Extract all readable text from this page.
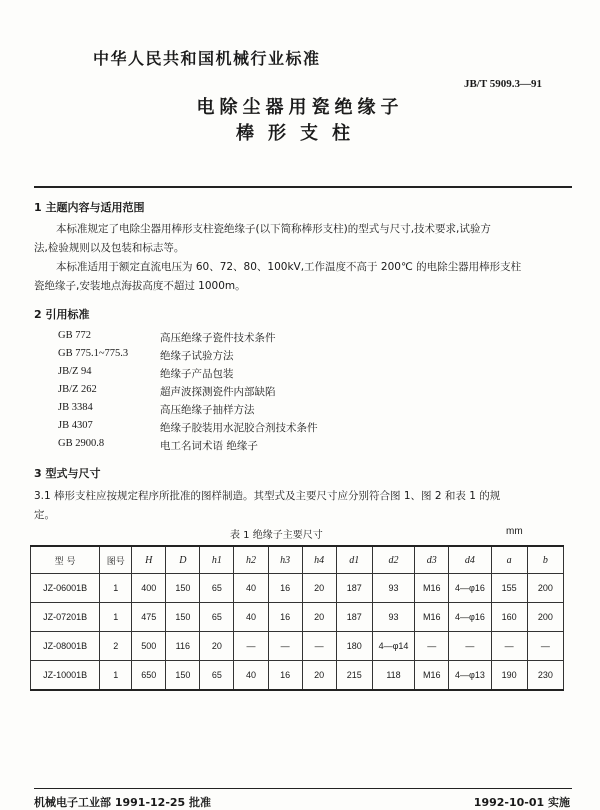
中华人民共和国机械行业标准
JB/T 5909.3—91
电除尘器用瓷绝缘子
棒形支柱
1 主题内容与适用范围
本标准规定了电除尘器用棒形支柱瓷绝缘子(以下简称棒形支柱)的型式与尺寸,技术要求,试验方
法,检验规则以及包装和标志等。
本标准适用于额定直流电压为 60、72、80、100kV,工作温度不高于 200℃ 的电除尘器用棒形支柱
瓷绝缘子,安装地点海拔高度不超过 1000m。
2 引用标准
GB 772	高压绝缘子瓷件技术条件
GB 775.1~775.3	绝缘子试验方法
JB/Z 94	绝缘子产品包装
JB/Z 262	超声波探测瓷件内部缺陷
JB 3384	高压绝缘子抽样方法
JB 4307	绝缘子胶装用水泥胶合剂技术条件
GB 2900.8	电工名词术语 绝缘子
3 型式与尺寸
3.1 棒形支柱应按规定程序所批准的图样制造。其型式及主要尺寸应分别符合图 1、图 2 和表 1 的规
定。
表 1 绝缘子主要尺寸	mm
型 号	图号	H	D	h1	h2	h3	h4	d1	d2	d3	d4	a	b
JZ-06001B	1	400	150	65	40	16	20	187	93	M16	4—φ16	155	200
JZ-07201B	1	475	150	65	40	16	20	187	93	M16	4—φ16	160	200
JZ-08001B	2	500	116	20	—	—	—	180	4—φ14	—	—	—	—
JZ-10001B	1	650	150	65	40	16	20	215	118	M16	4—φ13	190	230
机械电子工业部 1991-12-25 批准	1992-10-01 实施
